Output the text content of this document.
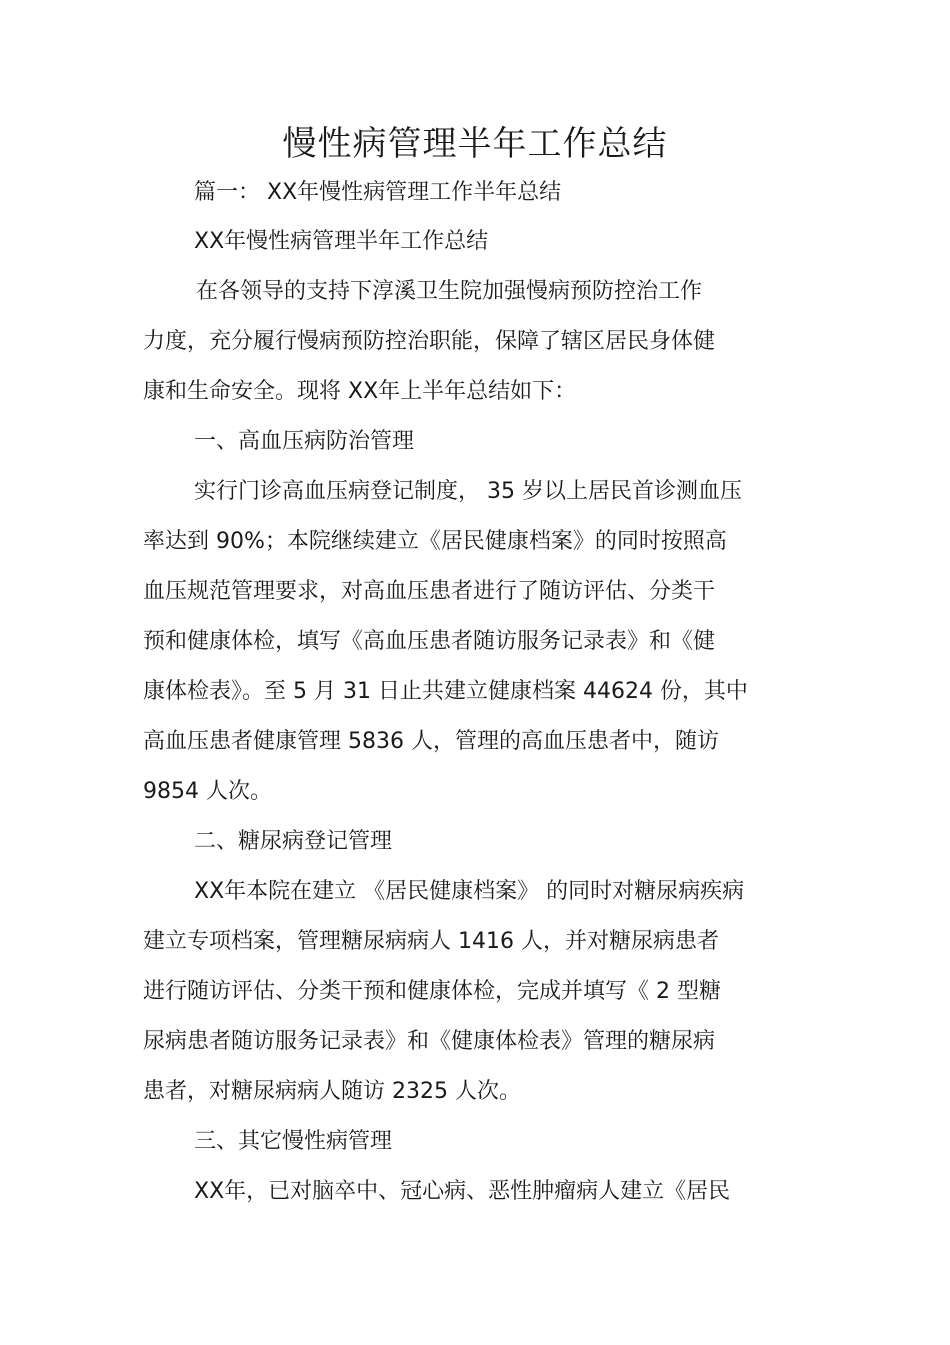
慢性病管理半年工作总结
篇一： XX年慢性病管理工作半年总结
XX年慢性病管理半年工作总结
在各领导的支持下淳溪卫生院加强慢病预防控治工作
力度，充分履行慢病预防控治职能，保障了辖区居民身体健
康和生命安全。现将 XX年上半年总结如下：
一、高血压病防治管理
实行门诊高血压病登记制度， 35 岁以上居民首诊测血压
率达到 90%；本院继续建立《居民健康档案》的同时按照高
血压规范管理要求，对高血压患者进行了随访评估、分类干
预和健康体检，填写《高血压患者随访服务记录表》和《健
康体检表》。至 5 月 31 日止共建立健康档案 44624 份，其中
高血压患者健康管理 5836 人，管理的高血压患者中，随访
9854 人次。
二、糖尿病登记管理
XX年本院在建立 《居民健康档案》 的同时对糖尿病疾病
建立专项档案，管理糖尿病病人 1416 人，并对糖尿病患者
进行随访评估、分类干预和健康体检，完成并填写《 2 型糖
尿病患者随访服务记录表》和《健康体检表》管理的糖尿病
患者，对糖尿病病人随访 2325 人次。
三、其它慢性病管理
XX年，已对脑卒中、冠心病、恶性肿瘤病人建立《居民
